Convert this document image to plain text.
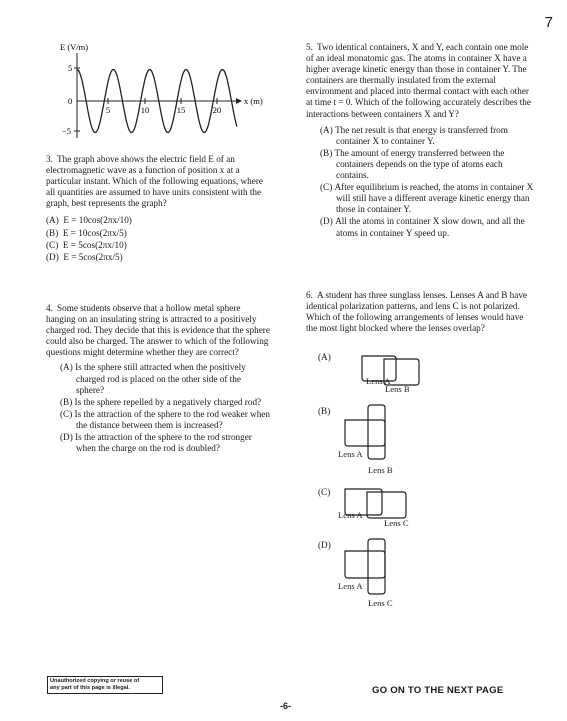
7
E (V/m)
x (m)
5
0
−5
5	10	15	20
3. The graph above shows the electric field E of an electromagnetic wave as a function of position x at a particular instant. Which of the following equations, where all quantities are assumed to have units consistent with the graph, best represents the graph?
(A) E = 10cos(2πx/10)
(B) E = 10cos(2πx/5)
(C) E = 5cos(2πx/10)
(D) E = 5cos(2πx/5)
4. Some students observe that a hollow metal sphere hanging on an insulating string is attracted to a positively charged rod. They decide that this is evidence that the sphere could also be charged. The answer to which of the following questions might determine whether they are correct?
(A) Is the sphere still attracted when the positively charged rod is placed on the other side of the sphere?
(B) Is the sphere repelled by a negatively charged rod?
(C) Is the attraction of the sphere to the rod weaker when the distance between them is increased?
(D) Is the attraction of the sphere to the rod stronger when the charge on the rod is doubled?
5. Two identical containers, X and Y, each contain one mole of an ideal monatomic gas. The atoms in container X have a higher average kinetic energy than those in container Y. The containers are thermally insulated from the external environment and placed into thermal contact with each other at time t = 0. Which of the following accurately describes the interactions between containers X and Y?
(A) The net result is that energy is transferred from container X to container Y.
(B) The amount of energy transferred between the containers depends on the type of atoms each contains.
(C) After equilibrium is reached, the atoms in container X will still have a different average kinetic energy than those in container Y.
(D) All the atoms in container X slow down, and all the atoms in container Y speed up.
6. A student has three sunglass lenses. Lenses A and B have identical polarization patterns, and lens C is not polarized. Which of the following arrangements of lenses would have the most light blocked where the lenses overlap?
(A)
Lens A
Lens B
(B)
Lens A
Lens B
(C)
Lens A
Lens C
(D)
Lens A
Lens C
Unauthorized copying or reuse of
any part of this page is illegal.	GO ON TO THE NEXT PAGE
-6-
